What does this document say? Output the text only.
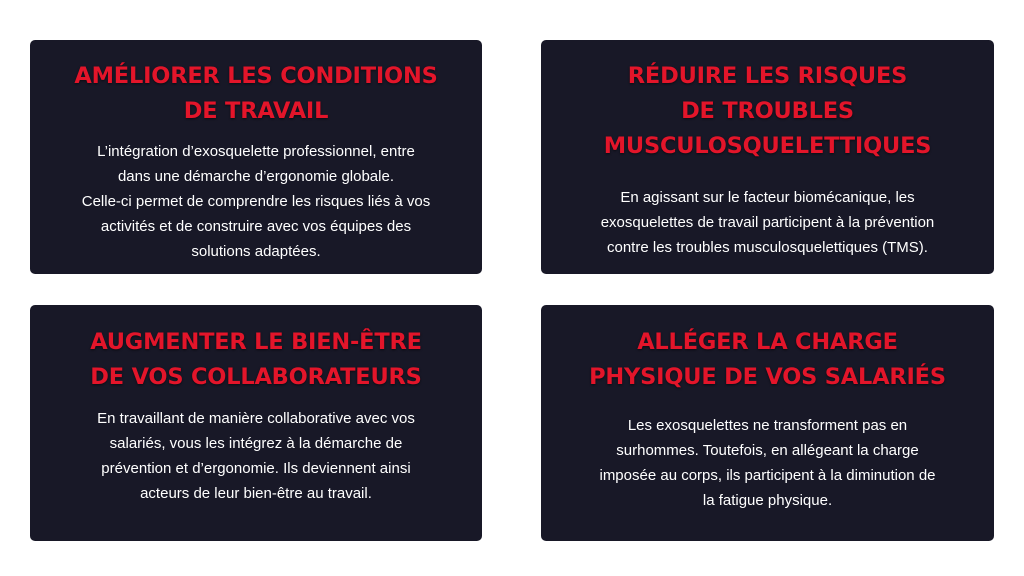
AMÉLIORER LES CONDITIONS
DE TRAVAIL

L’intégration d’exosquelette professionnel, entre
dans une démarche d’ergonomie globale.
Celle-ci permet de comprendre les risques liés à vos
activités et de construire avec vos équipes des
solutions adaptées.

RÉDUIRE LES RISQUES
DE TROUBLES
MUSCULOSQUELETTIQUES

En agissant sur le facteur biomécanique, les
exosquelettes de travail participent à la prévention
contre les troubles musculosquelettiques (TMS).

AUGMENTER LE BIEN-ÊTRE
DE VOS COLLABORATEURS

En travaillant de manière collaborative avec vos
salariés, vous les intégrez à la démarche de
prévention et d’ergonomie. Ils deviennent ainsi
acteurs de leur bien-être au travail.

ALLÉGER LA CHARGE
PHYSIQUE DE VOS SALARIÉS

Les exosquelettes ne transforment pas en
surhommes. Toutefois, en allégeant la charge
imposée au corps, ils participent à la diminution de
la fatigue physique.
